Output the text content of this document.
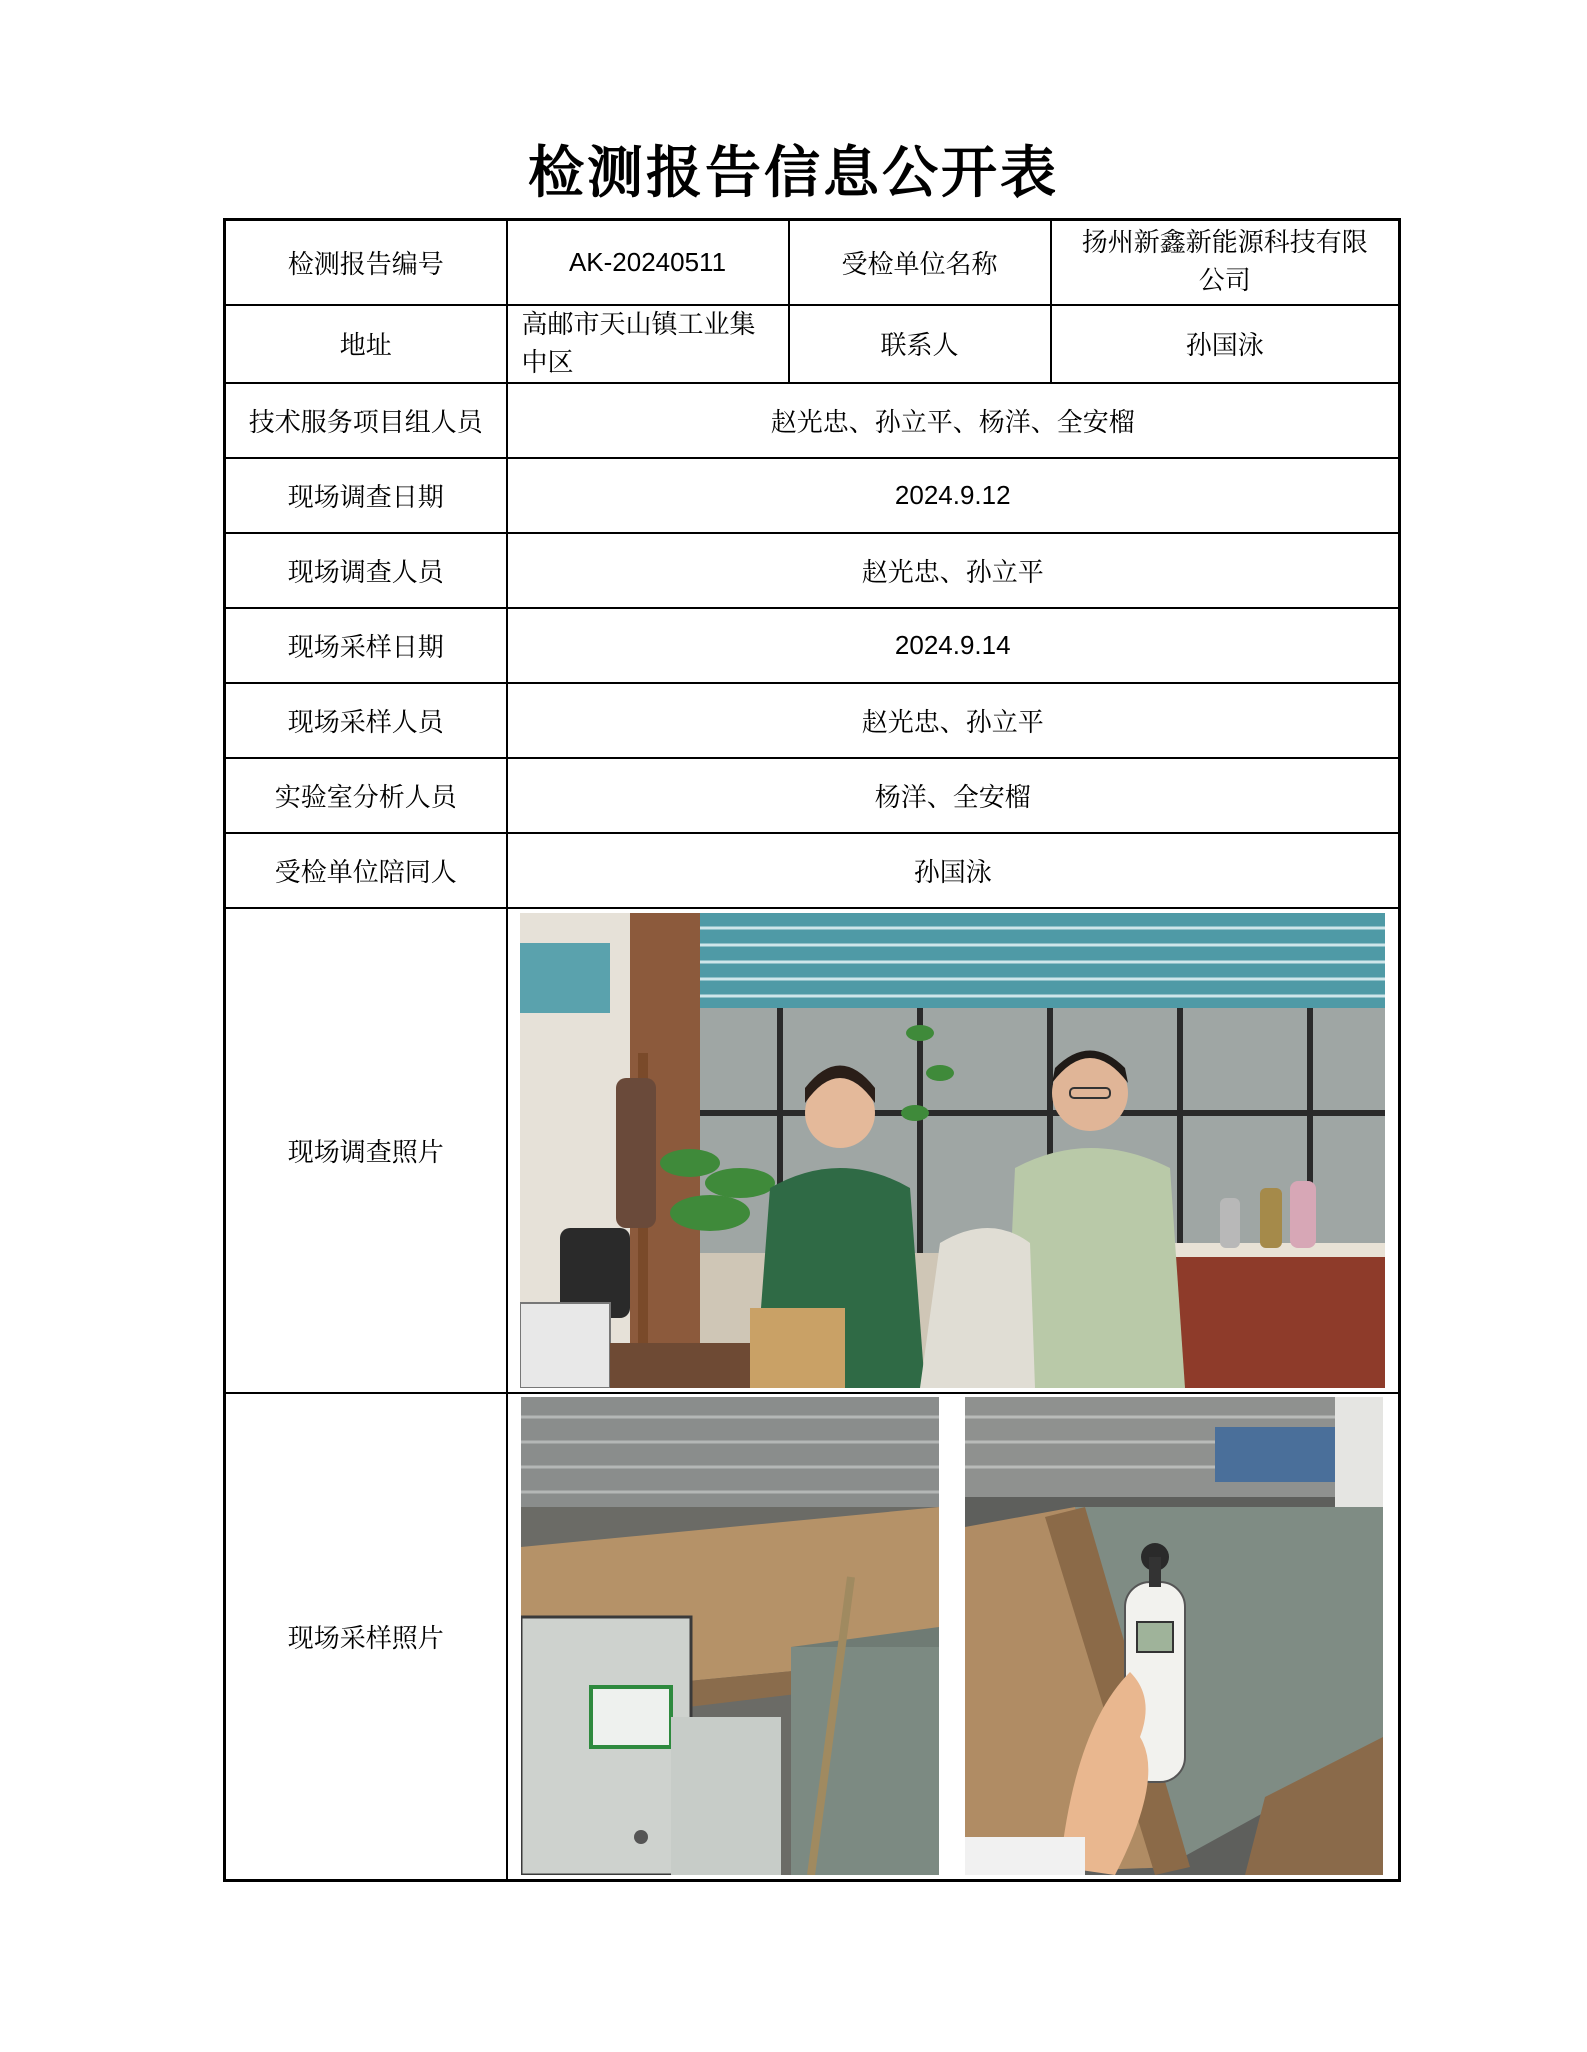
检测报告信息公开表
检测报告编号	AK-20240511	受检单位名称	扬州新鑫新能源科技有限公司
地址	高邮市天山镇工业集中区	联系人	孙国泳
技术服务项目组人员	赵光忠、孙立平、杨洋、全安榴		
现场调查日期	2024.9.12		
现场调查人员	赵光忠、孙立平		
现场采样日期	2024.9.14		
现场采样人员	赵光忠、孙立平		
实验室分析人员	杨洋、全安榴		
受检单位陪同人	孙国泳		
现场调查照片	

现场采样照片	
